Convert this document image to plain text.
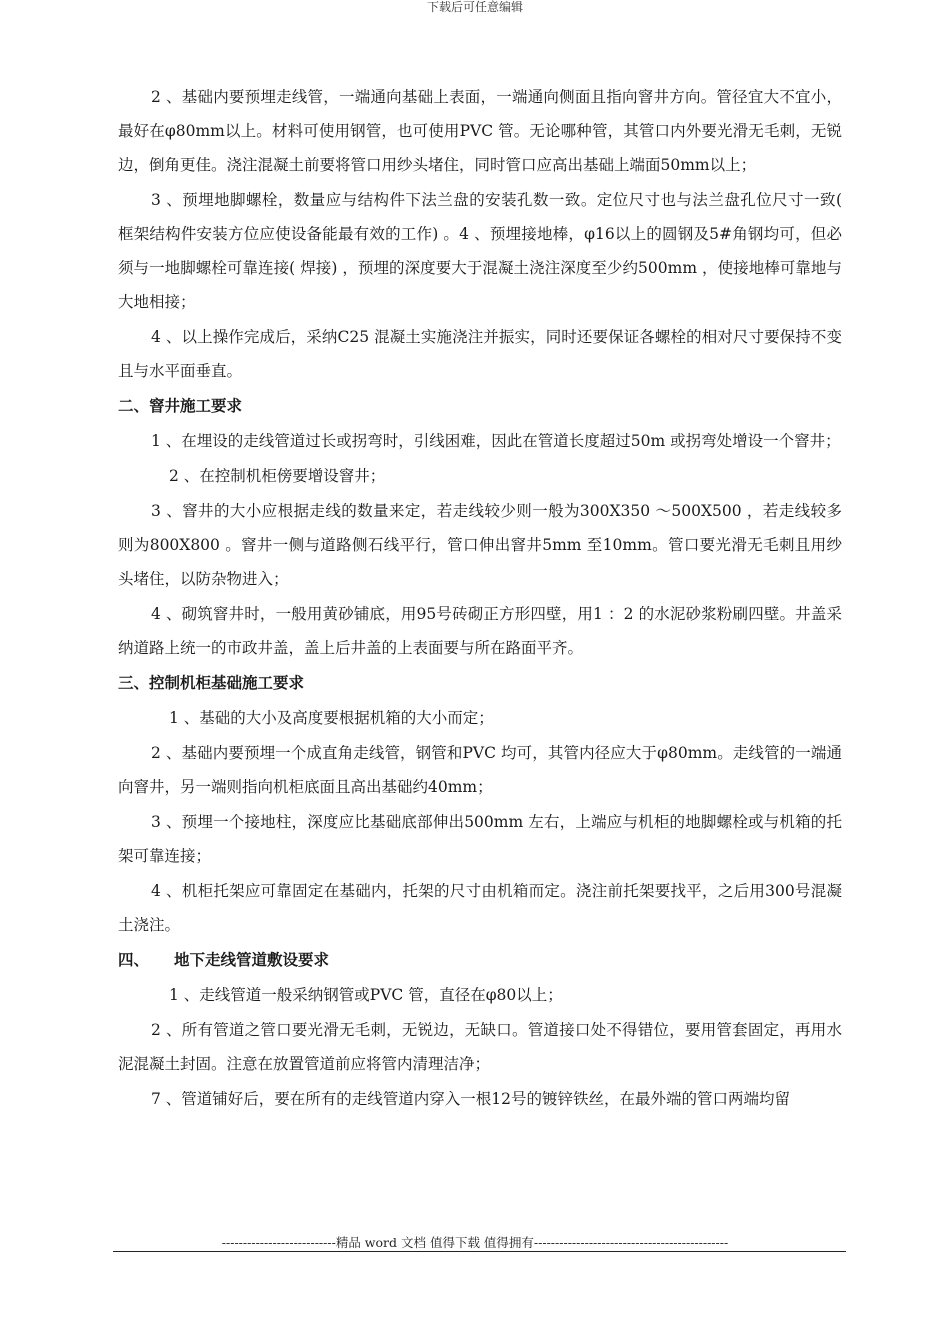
下载后可任意编辑

2 、基础内要预埋走线管，一端通向基础上表面，一端通向侧面且指向窨井方向。管径宜大不宜小，最好在φ80mm以上。材料可使用钢管，也可使用PVC 管。无论哪种管，其管口内外要光滑无毛刺，无锐边，倒角更佳。浇注混凝土前要将管口用纱头堵住，同时管口应高出基础上端面50mm以上；

3 、预埋地脚螺栓，数量应与结构件下法兰盘的安装孔数一致。定位尺寸也与法兰盘孔位尺寸一致( 框架结构件安装方位应使设备能最有效的工作) 。4 、预埋接地棒，φ16以上的圆钢及5#角钢均可，但必须与一地脚螺栓可靠连接( 焊接) ，预埋的深度要大于混凝土浇注深度至少约500mm ，使接地棒可靠地与大地相接；

4 、以上操作完成后，采纳C25 混凝土实施浇注并振实，同时还要保证各螺栓的相对尺寸要保持不变且与水平面垂直。

二、窨井施工要求

1 、在埋设的走线管道过长或拐弯时，引线困难，因此在管道长度超过50m 或拐弯处增设一个窨井；

2 、在控制机柜傍要增设窨井；

3 、窨井的大小应根据走线的数量来定，若走线较少则一般为300X350 ～500X500 ，若走线较多则为800X800 。窨井一侧与道路侧石线平行，管口伸出窨井5mm 至10mm。管口要光滑无毛刺且用纱头堵住，以防杂物进入；

4 、砌筑窨井时，一般用黄砂铺底，用95号砖砌正方形四壁，用1 ：2 的水泥砂浆粉刷四壁。井盖采纳道路上统一的市政井盖，盖上后井盖的上表面要与所在路面平齐。

三、控制机柜基础施工要求

1 、基础的大小及高度要根据机箱的大小而定；

2 、基础内要预埋一个成直角走线管，钢管和PVC 均可，其管内径应大于φ80mm。走线管的一端通向窨井，另一端则指向机柜底面且高出基础约40mm；

3 、预埋一个接地柱，深度应比基础底部伸出500mm 左右，上端应与机柜的地脚螺栓或与机箱的托架可靠连接；

4 、机柜托架应可靠固定在基础内，托架的尺寸由机箱而定。浇注前托架要找平，之后用300号混凝土浇注。

四、 地下走线管道敷设要求

1 、走线管道一般采纳钢管或PVC 管，直径在φ80以上；

2 、所有管道之管口要光滑无毛刺，无锐边，无缺口。管道接口处不得错位，要用管套固定，再用水泥混凝土封固。注意在放置管道前应将管内清理洁净；

7 、管道铺好后，要在所有的走线管道内穿入一根12号的镀锌铁丝，在最外端的管口两端均留

---------------------------精品 word 文档 值得下载 值得拥有----------------------------------------------
